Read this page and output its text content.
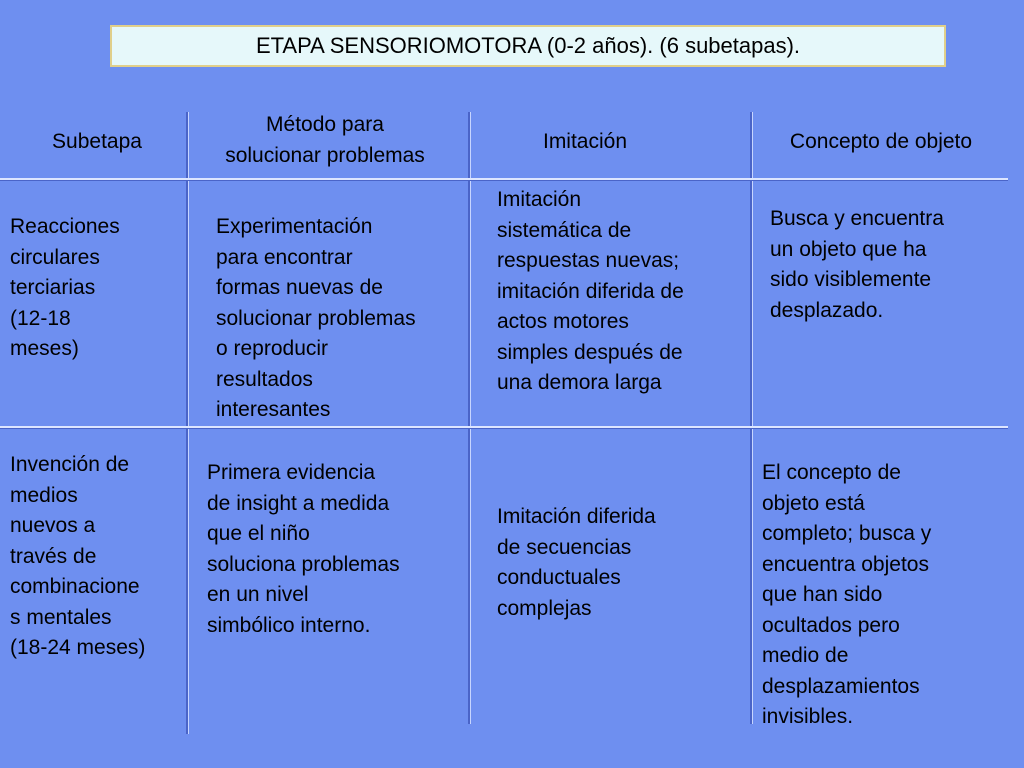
ETAPA SENSORIOMOTORA (0-2 años). (6 subetapas).
Subetapa
Método para
solucionar problemas
Imitación	Concepto de objeto
Reacciones
circulares
terciarias
(12-18
meses)
Experimentación
para encontrar
formas nuevas de
solucionar problemas
o reproducir
resultados
interesantes
Imitación
sistemática de
respuestas nuevas;
imitación diferida de
actos motores
simples después de
una demora larga
Busca y encuentra
un objeto que ha
sido visiblemente
desplazado.
Invención de
medios
nuevos a
través de
combinacione
s mentales
(18-24 meses)
Primera evidencia
de insight a medida
que el niño
soluciona problemas
en un nivel
simbólico interno.
Imitación diferida
de secuencias
conductuales
complejas
El concepto de
objeto está
completo; busca y
encuentra objetos
que han sido
ocultados pero
medio de
desplazamientos
invisibles.
